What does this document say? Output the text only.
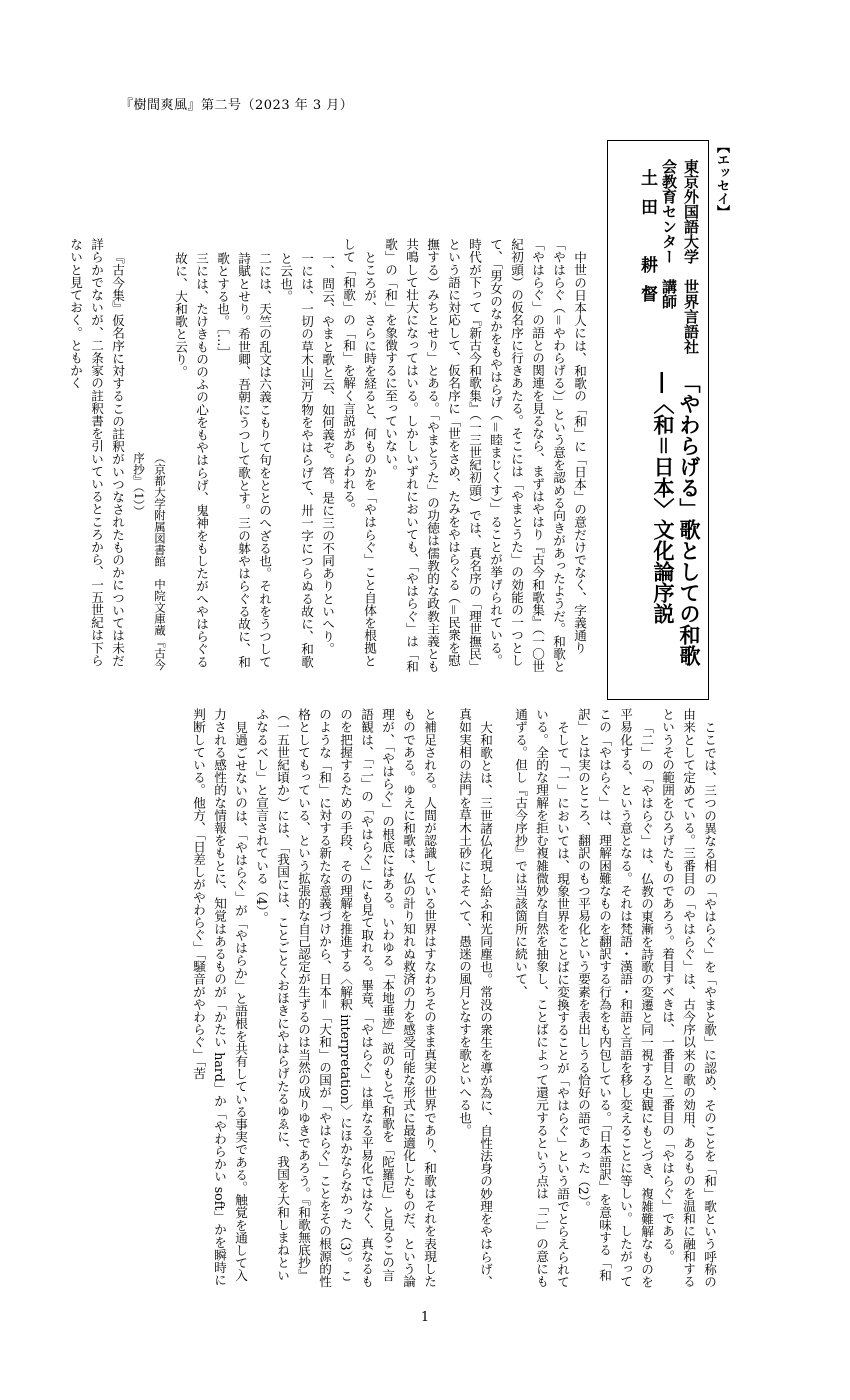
『樹間爽風』第二号（2023 年 3 月）
【エッセイ】
「やわらげる」歌としての和歌―〈和＝日本〉文化論序説
東京外国語大学　世界言語社会教育センター　講師
土田　耕督

中世の日本人には、和歌の「和」に「日本」の意だけでなく、字義通り「やはらぐ（＝やわらげる）」という意を認める向きがあったようだ。和歌と「やはらぐ」の語との関連を見るなら、まずはやはり『古今和歌集』（一〇世紀初頭）の仮名序に行きあたる。そこには「やまとうた」の効能の一つとして、「男女のなかをもやはらげ（＝睦まじくす）」ることが挙げられている。時代が下って『新古今和歌集』（一三世紀初頭）では、真名序の「理世撫民」という語に対応して、仮名序に「世をさめ、たみをやはらぐる（＝民衆を慰撫する）みちとせり」とある。「やまとうた」の功徳は儒教的な政教主義とも共鳴して壮大になってはいる。しかしいずれにおいても、「やはらぐ」は「和歌」の「和」を象徴するに至っていない。

ところが、さらに時を経ると、何ものかを「やはらぐ」こと自体を根拠として「和歌」の「和」を解く言説があらわれる。

一、問云、やまと歌と云、如何義ぞ。答。是に三の不同ありといへり。

一には、一切の草木山河万物をやはらげて、卅一字につらぬる故に、和歌と云也。

二には、天竺の乱文は六義こもりて句をととのへざる也。それをうつして詩賦とせり。希世卿、吾朝にうつして歌とす。三の躰やはらぐる故に、和歌とする也。［…］

三には、たけきもののふの心をもやはらげ、鬼神をもしたがへやはらぐる故に、大和歌と云り。

（京都大学附属図書館　中院文庫蔵『古今序抄』（1））

『古今集』仮名序に対するこの註釈がいつなされたものかについては未だ詳らかでないが、二条家の註釈書を引いているところから、一五世紀は下らないと見ておく。ともかく

ここでは、三つの異なる相の「やはらぐ」を「やまと歌」に認め、そのことを「和」歌という呼称の由来として定めている。三番目の「やはらぐ」は、古今序以来の歌の効用、あるものを温和に融和するというその範囲をひろげたものであろう。着目すべきは、一番目と二番目の「やはらぐ」である。

「二」の「やはらぐ」は、仏教の東漸を詩歌の変遷と同一視する史観にもとづき、複雑難解なものを平易化する、という意となる。それは梵語・漢語・和語と言語を移し変えることに等しい。したがってこの「やはらぐ」は、理解困難なものを翻訳する行為をも内包している。「日本語訳」を意味する「和訳」とは実のところ、翻訳のもつ平易化という要素を表出しうる恰好の語であった（2）。

そして「一」においては、現象世界をことばに変換することが「やはらぐ」という語でとらえられている。全的な理解を拒む複雑微妙な自然を抽象し、ことばによって還元するという点は「二」の意にも通ずる。但し『古今序抄』では当該箇所に続いて、

大和歌とは、三世諸仏化現し給ふ和光同塵也。常没の衆生を導が為に、自性法身の妙理をやはらげ、真如実相の法門を草木土砂によそへて、愚迷の風月となすを歌といへる也。

と補足される。人間が認識している世界はすなわちそのまま真実の世界であり、和歌はそれを表現したものである。ゆえに和歌は、仏の計り知れぬ救済の力を感受可能な形式に最適化したものだ、という論理が、「やはらぐ」の根底にはある。いわゆる「本地垂迹」説のもとで和歌を「陀羅尼」と見るこの言語観は、「二」の「やはらぐ」にも見て取れる。畢竟、「やはらぐ」は単なる平易化ではなく、真なるものを把握するための手段、その理解を推進する〈解釈 interpretation〉にほかならなかった（3）。このような「和」に対する新たな意義づけから、日本＝「大和」の国が「やはらぐ」ことをその根源的性格としてもっている、という拡張的な自己認定が生ずるのは当然の成りゆきであろう。『和歌無底抄』（一五世紀頃か）には、「我国には、ことごとくおほきにやはらげたるゆゑに、我国を大和しまねといふなるべし」と宣言されている（4）。

見過ごせないのは、「やはらぐ」が「やはらか」と語根を共有している事実である。触覚を通して入力される感性的な情報をもとに、知覚はあるものが「かたい hard」か「やわらかい soft」かを瞬時に判断している。他方、「日差しがやわらぐ」「騒音がやわらぐ」「苦

1
